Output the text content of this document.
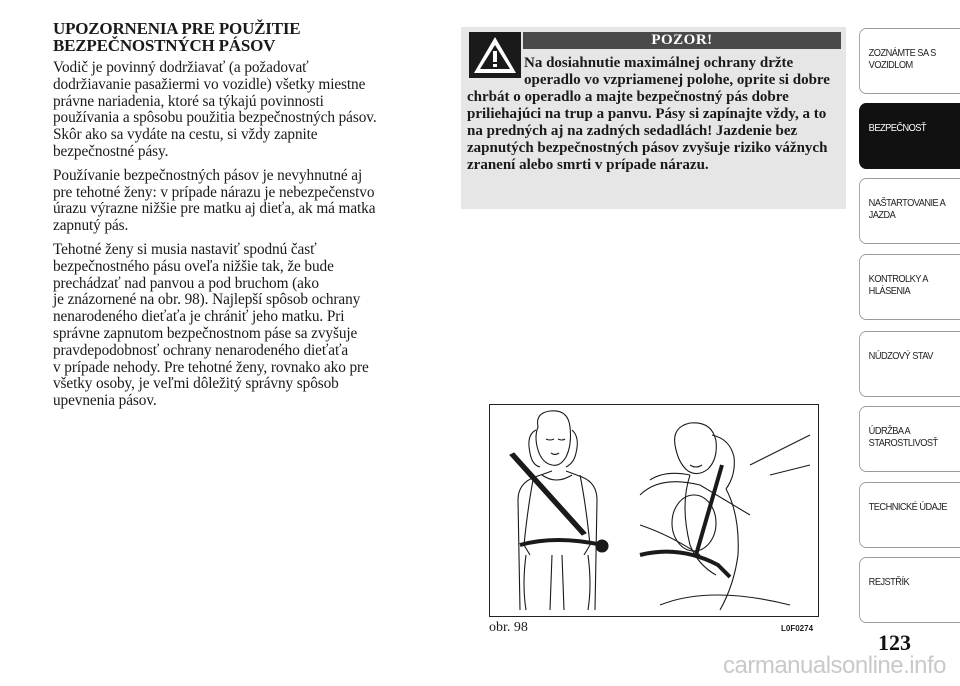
UPOZORNENIA PRE POUŽITIE
BEZPEČNOSTNÝCH PÁSOV

Vodič je povinný dodržiavať (a požadovať
dodržiavanie pasažiermi vo vozidle) všetky miestne
právne nariadenia, ktoré sa týkajú povinnosti
používania a spôsobu použitia bezpečnostných pásov.
Skôr ako sa vydáte na cestu, si vždy zapnite
bezpečnostné pásy.

Používanie bezpečnostných pásov je nevyhnutné aj
pre tehotné ženy: v prípade nárazu je nebezpečenstvo
úrazu výrazne nižšie pre matku aj dieťa, ak má matka
zapnutý pás.

Tehotné ženy si musia nastaviť spodnú časť
bezpečnostného pásu oveľa nižšie tak, že bude
prechádzať nad panvou a pod bruchom (ako
je znázornené na obr. 98). Najlepší spôsob ochrany
nenarodeného dieťaťa je chrániť jeho matku. Pri
správne zapnutom bezpečnostnom páse sa zvyšuje
pravdepodobnosť ochrany nenarodeného dieťaťa
v prípade nehody. Pre tehotné ženy, rovnako ako pre
všetky osoby, je veľmi dôležitý správny spôsob
upevnenia pásov.

POZOR!
Na dosiahnutie maximálnej ochrany držte operadlo vo vzpriamenej polohe, oprite si dobre chrbát o operadlo a majte bezpečnostný pás dobre priliehajúci na trup a panvu. Pásy si zapínajte vždy, a to na predných aj na zadných sedadlách! Jazdenie bez zapnutých bezpečnostných pásov zvyšuje riziko vážnych zranení alebo smrti v prípade nárazu.
obr. 98	L0F0274
ZOZNÁMTE SA S VOZIDLOM
BEZPEČNOSŤ
NAŠTARTOVANIE A JAZDA
KONTROLKY A HLÁSENIA
NÚDZOVÝ STAV
ÚDRŽBA A STAROSTLIVOSŤ
TECHNICKÉ ÚDAJE
REJSTŘÍK
123
carmanualsonline.info
